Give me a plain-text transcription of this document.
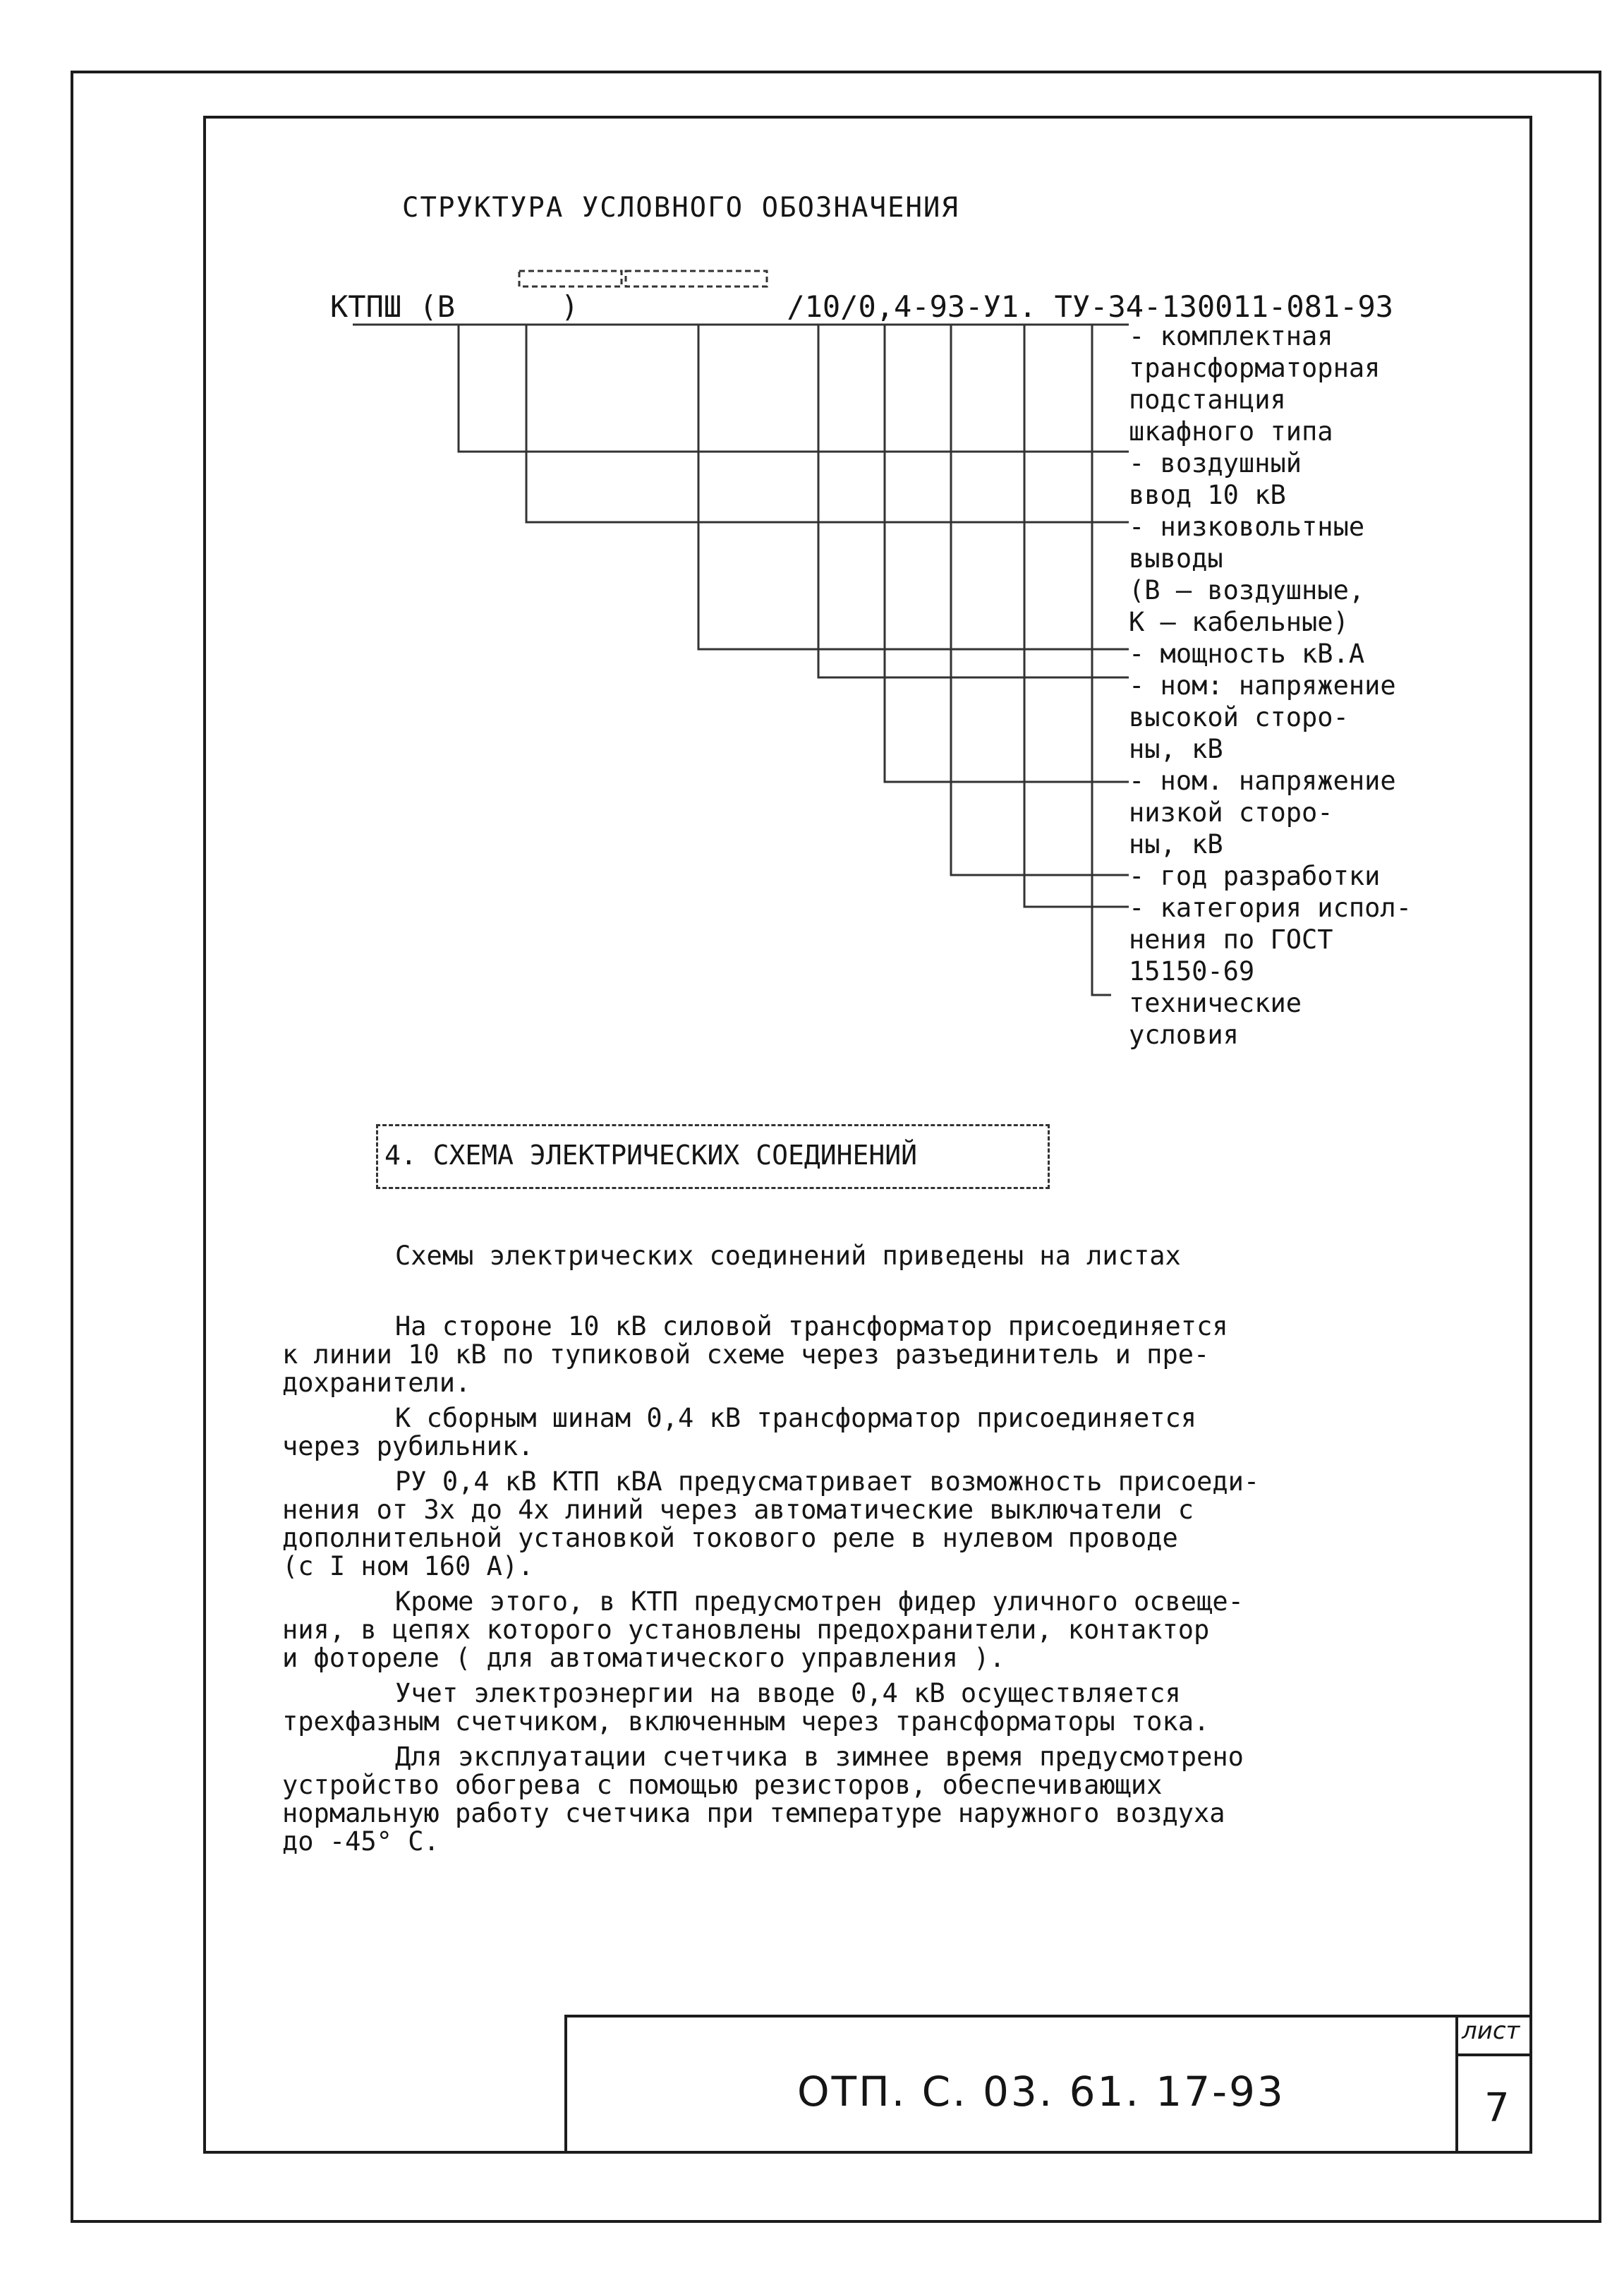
СТРУКТУРА УСЛОВНОГО ОБОЗНАЧЕНИЯ
КТПШ (В	)	/10/0,4-93-У1. ТУ-34-130011-081-93
- комплектная
трансформаторная
подстанция
шкафного типа
- воздушный
ввод 10 кВ
- низковольтные
выводы
(В – воздушные,
К – кабельные)
- мощность кВ.А
- ном: напряжение
высокой сторо-
ны, кВ
- ном. напряжение
низкой сторо-
ны, кВ
- год разработки
- категория испол-
нения по ГОСТ
15150-69
технические
условия
4. СХЕМА ЭЛЕКТРИЧЕСКИХ СОЕДИНЕНИЙ
Схемы электрических соединений приведены на листах
На стороне 10 кВ силовой трансформатор присоединяется
к линии 10 кВ по тупиковой схеме через разъединитель и пре-
дохранители.
К сборным шинам 0,4 кВ трансформатор присоединяется
через рубильник.
РУ 0,4 кВ КТП кВА предусматривает возможность присоеди-
нения от 3х до 4х линий через автоматические выключатели с
дополнительной установкой токового реле в нулевом проводе
(с I ном 160 А).
Кроме этого, в КТП предусмотрен фидер уличного освеще-
ния, в цепях которого установлены предохранители, контактор
и фотореле ( для автоматического управления ).
Учет электроэнергии на вводе 0,4 кВ осуществляется
трехфазным счетчиком, включенным через трансформаторы тока.
Для эксплуатации счетчика в зимнее время предусмотрено
устройство обогрева с помощью резисторов, обеспечивающих
нормальную работу счетчика при температуре наружного воздуха
до -45° С.
ОТП. С. 03. 61. 17-93
лист
7
